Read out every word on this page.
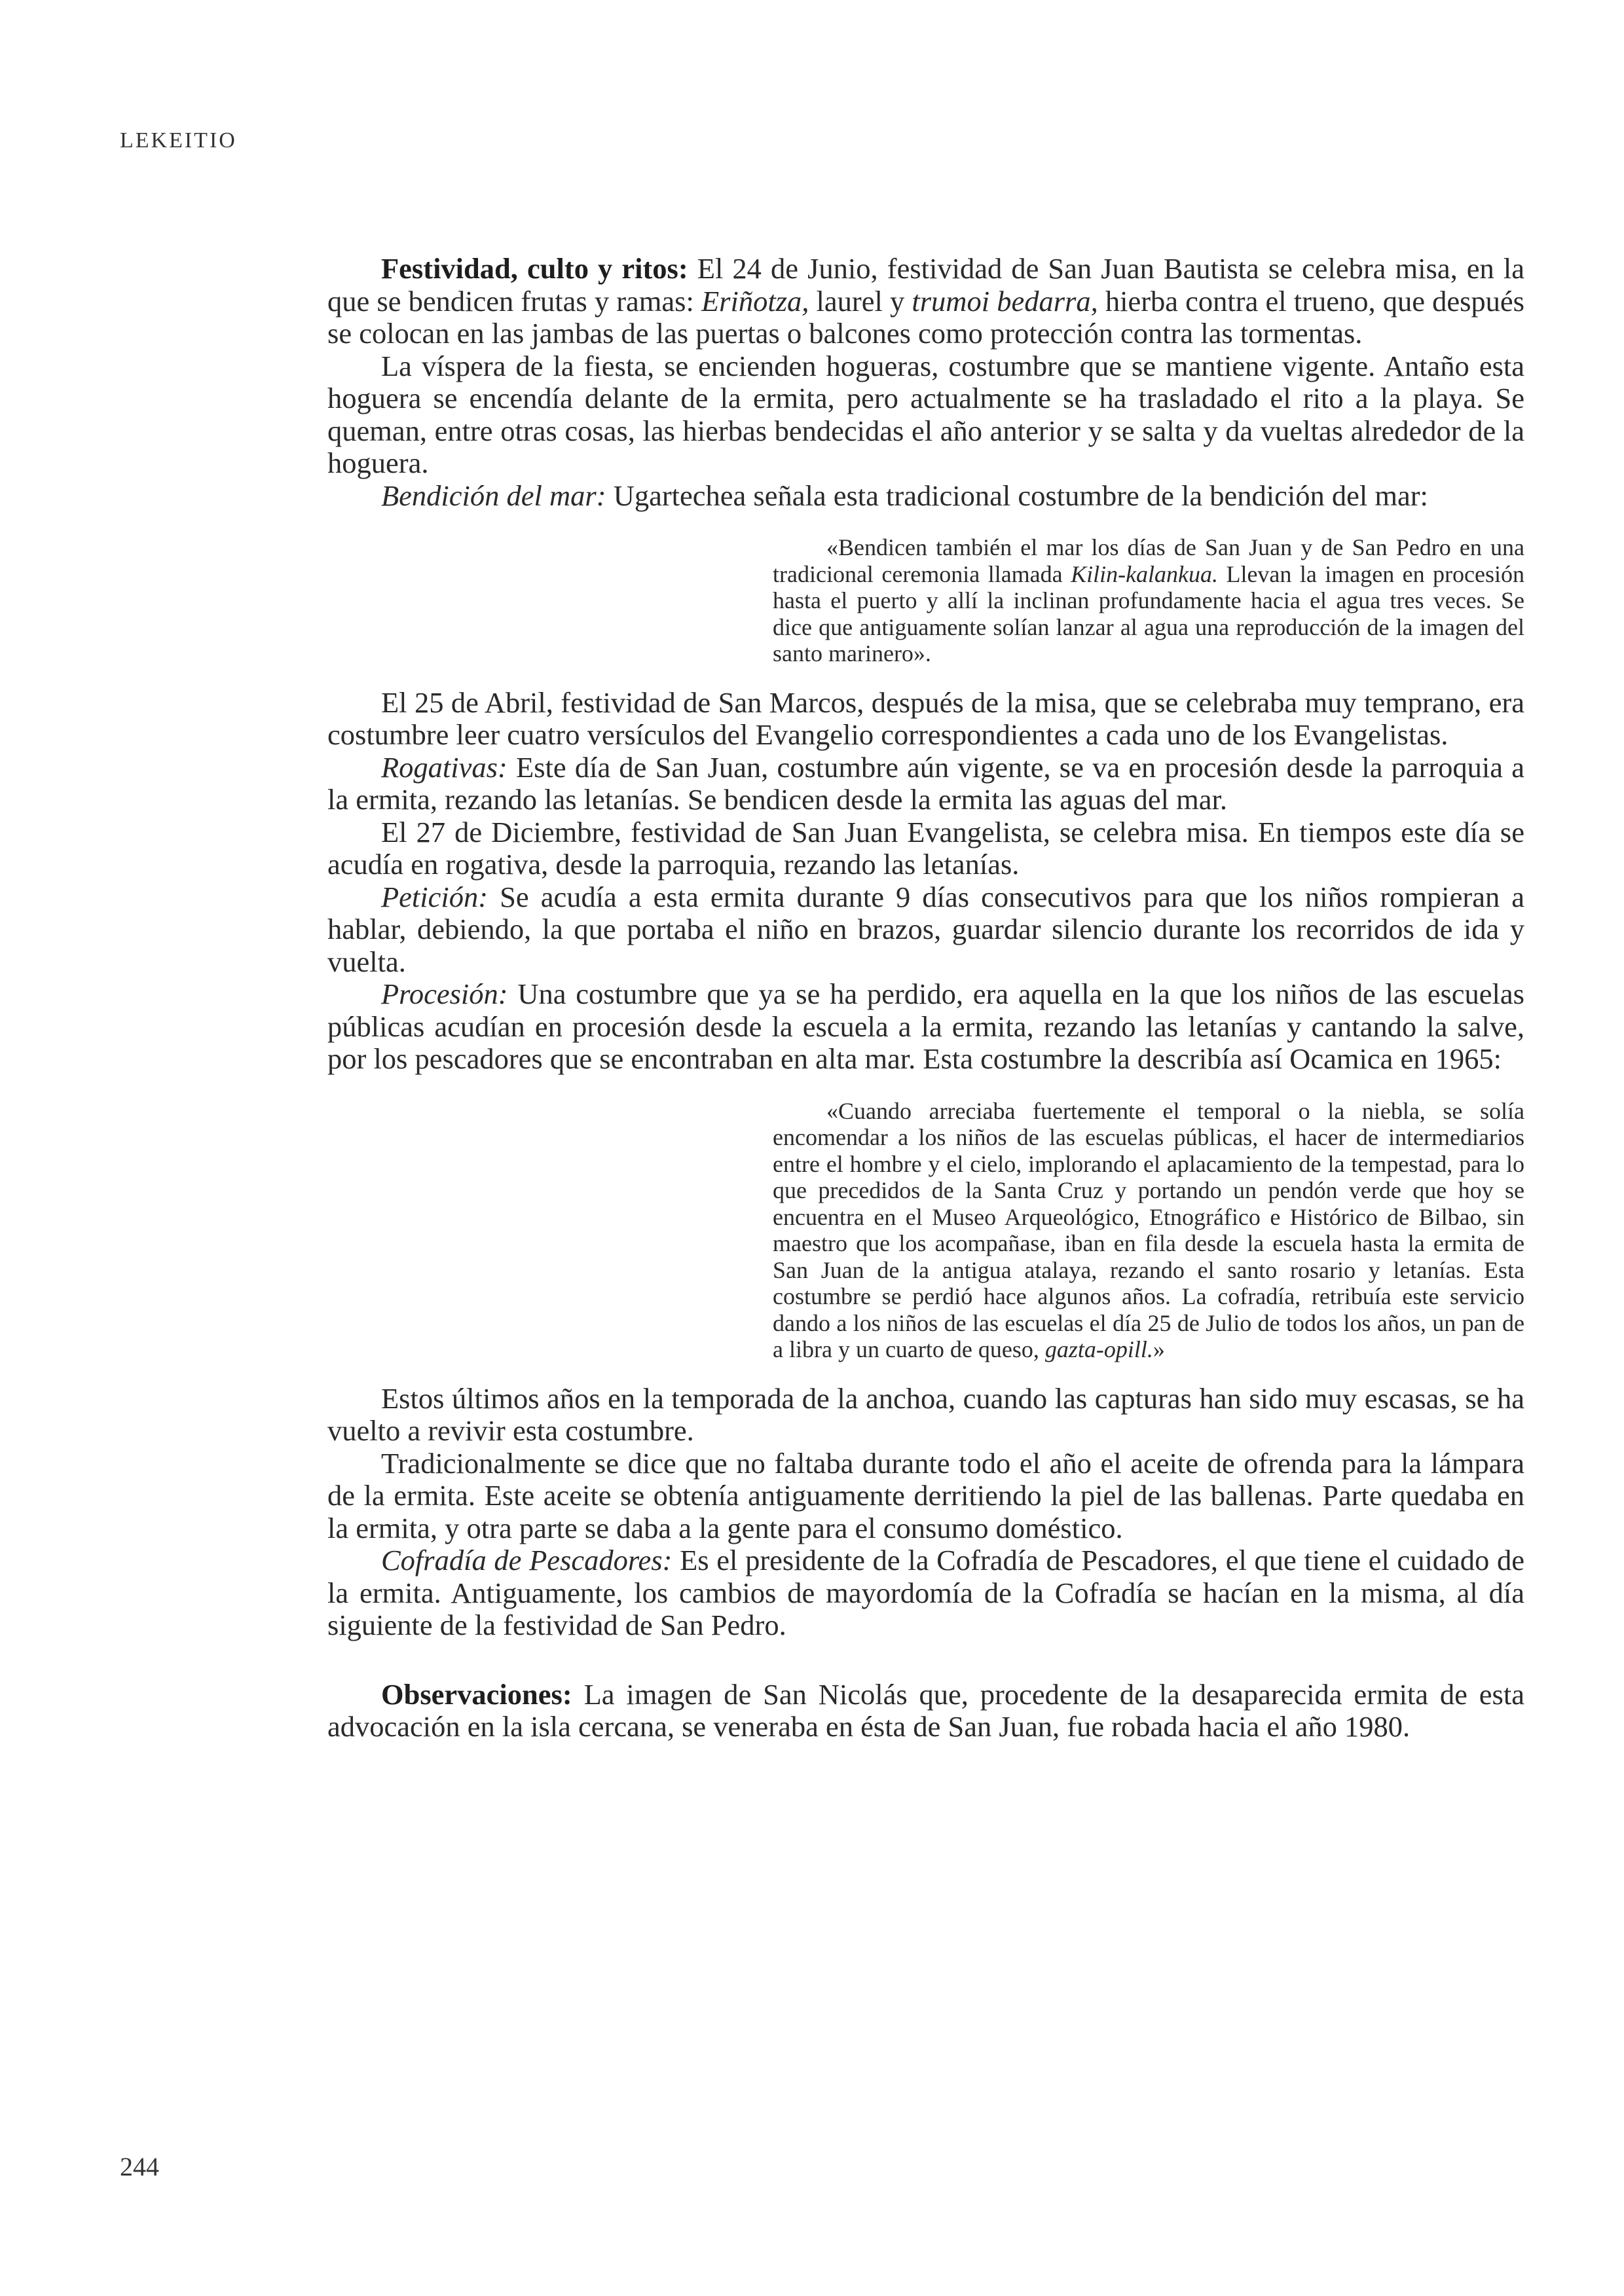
LEKEITIO

Festividad, culto y ritos: El 24 de Junio, festividad de San Juan Bautista se celebra misa, en la que se bendicen frutas y ramas: Eriñotza, laurel y trumoi bedarra, hierba contra el trueno, que después se colocan en las jambas de las puertas o balcones como protección contra las tormentas.

La víspera de la fiesta, se encienden hogueras, costumbre que se mantiene vigente. Antaño esta hoguera se encendía delante de la ermita, pero actualmente se ha trasladado el rito a la playa. Se queman, entre otras cosas, las hierbas bendecidas el año anterior y se salta y da vueltas alrededor de la hoguera.

Bendición del mar: Ugartechea señala esta tradicional costumbre de la bendición del mar:

«Bendicen también el mar los días de San Juan y de San Pedro en una tradicional ceremonia llamada Kilin-kalankua. Llevan la imagen en procesión hasta el puerto y allí la inclinan profundamente hacia el agua tres veces. Se dice que antiguamente solían lanzar al agua una reproducción de la imagen del santo marinero».

El 25 de Abril, festividad de San Marcos, después de la misa, que se celebraba muy temprano, era costumbre leer cuatro versículos del Evangelio correspondientes a cada uno de los Evangelistas.

Rogativas: Este día de San Juan, costumbre aún vigente, se va en procesión desde la parroquia a la ermita, rezando las letanías. Se bendicen desde la ermita las aguas del mar.

El 27 de Diciembre, festividad de San Juan Evangelista, se celebra misa. En tiempos este día se acudía en rogativa, desde la parroquia, rezando las letanías.

Petición: Se acudía a esta ermita durante 9 días consecutivos para que los niños rompieran a hablar, debiendo, la que portaba el niño en brazos, guardar silencio durante los recorridos de ida y vuelta.

Procesión: Una costumbre que ya se ha perdido, era aquella en la que los niños de las escuelas públicas acudían en procesión desde la escuela a la ermita, rezando las letanías y cantando la salve, por los pescadores que se encontraban en alta mar. Esta costumbre la describía así Ocamica en 1965:

«Cuando arreciaba fuertemente el temporal o la niebla, se solía encomendar a los niños de las escuelas públicas, el hacer de intermediarios entre el hombre y el cielo, implorando el aplacamiento de la tempestad, para lo que precedidos de la Santa Cruz y portando un pendón verde que hoy se encuentra en el Museo Arqueológico, Etnográfico e Histórico de Bilbao, sin maestro que los acompañase, iban en fila desde la escuela hasta la ermita de San Juan de la antigua atalaya, rezando el santo rosario y letanías. Esta costumbre se perdió hace algunos años. La cofradía, retribuía este servicio dando a los niños de las escuelas el día 25 de Julio de todos los años, un pan de a libra y un cuarto de queso, gazta-opill.»

Estos últimos años en la temporada de la anchoa, cuando las capturas han sido muy escasas, se ha vuelto a revivir esta costumbre.

Tradicionalmente se dice que no faltaba durante todo el año el aceite de ofrenda para la lámpara de la ermita. Este aceite se obtenía antiguamente derritiendo la piel de las ballenas. Parte quedaba en la ermita, y otra parte se daba a la gente para el consumo doméstico.

Cofradía de Pescadores: Es el presidente de la Cofradía de Pescadores, el que tiene el cuidado de la ermita. Antiguamente, los cambios de mayordomía de la Cofradía se hacían en la misma, al día siguiente de la festividad de San Pedro.

Observaciones: La imagen de San Nicolás que, procedente de la desaparecida ermita de esta advocación en la isla cercana, se veneraba en ésta de San Juan, fue robada hacia el año 1980.

244
